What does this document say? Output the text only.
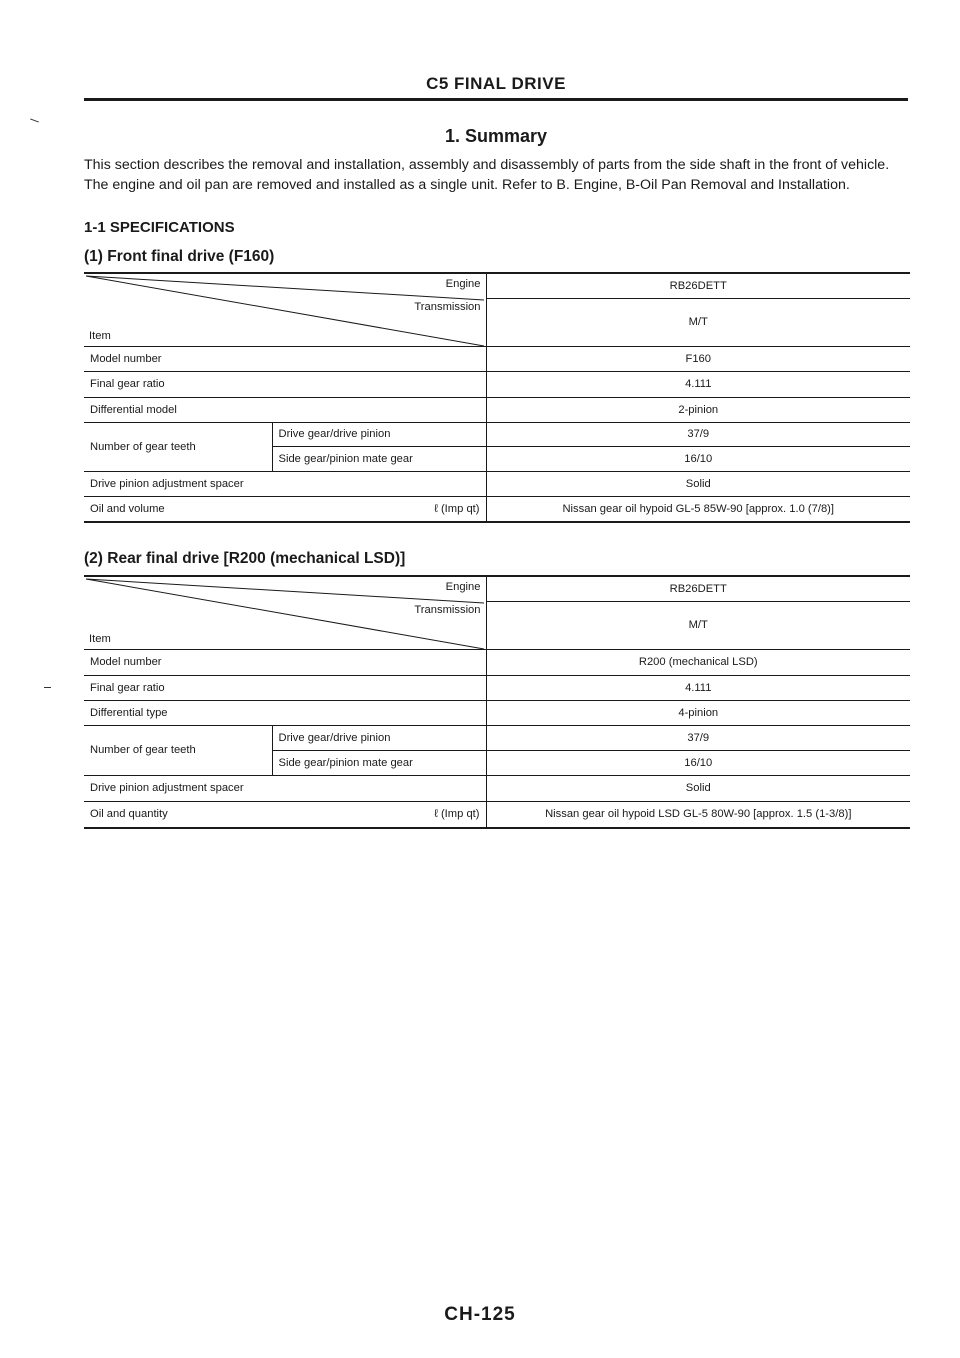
C5 FINAL DRIVE
1. Summary

This section describes the removal and installation, assembly and disassembly of parts from the side shaft in the front of vehicle. The engine and oil pan are removed and installed as a single unit. Refer to B. Engine, B-Oil Pan Removal and Installation.

1-1 SPECIFICATIONS
(1) Front final drive (F160)
Engine
Transmission
Item		RB26DETT
		M/T
Model number		F160
Final gear ratio		4.111
Differential model		2-pinion
Number of gear teeth	Drive gear/drive pinion	37/9
	Side gear/pinion mate gear	16/10
Drive pinion adjustment spacer		Solid
Oil and volume ℓ (Imp qt)		Nissan gear oil hypoid GL-5 85W-90 [approx. 1.0 (7/8)]
(2) Rear final drive [R200 (mechanical LSD)]
Engine
Transmission
Item		RB26DETT
		M/T
Model number		R200 (mechanical LSD)
Final gear ratio		4.111
Differential type		4-pinion
Number of gear teeth	Drive gear/drive pinion	37/9
	Side gear/pinion mate gear	16/10
Drive pinion adjustment spacer		Solid
Oil and quantity ℓ (Imp qt)		Nissan gear oil hypoid LSD GL-5 80W-90 [approx. 1.5 (1-3/8)]
CH-125
